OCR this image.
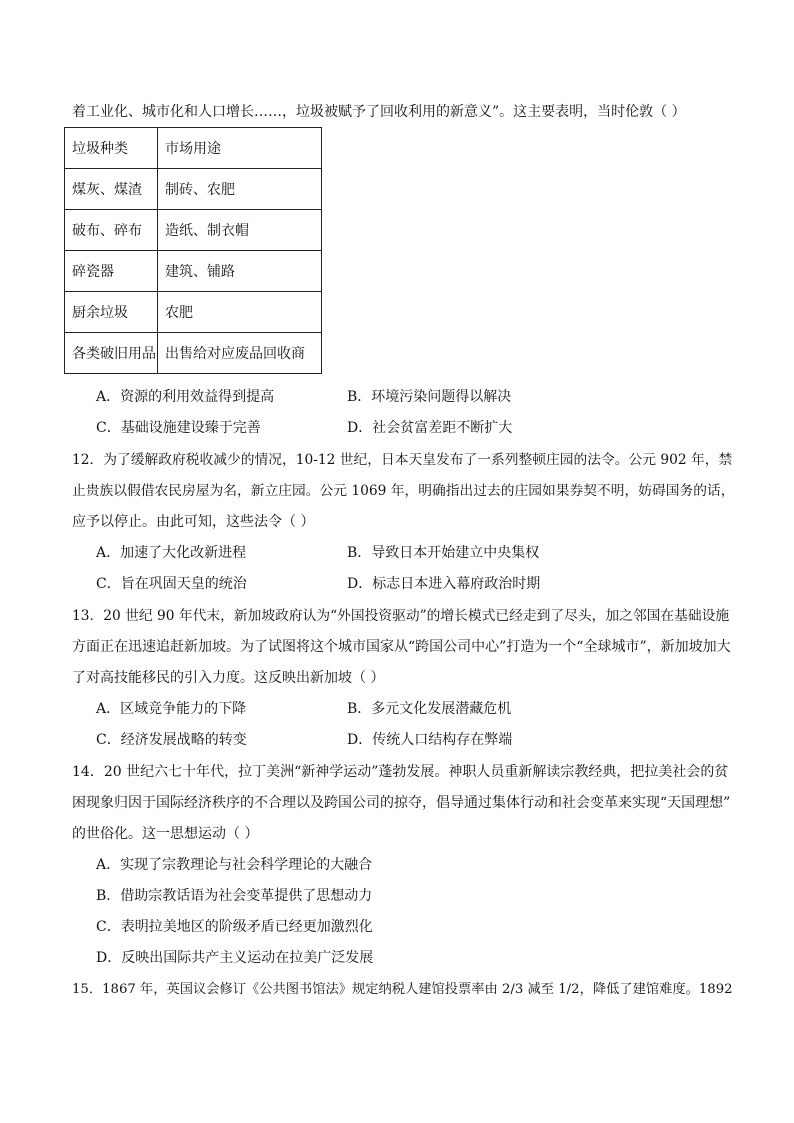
着工业化、城市化和人口增长……，垃圾被赋予了回收利用的新意义”。这主要表明，当时伦敦（ ）
垃圾种类	市场用途
煤灰、煤渣	制砖、农肥
破布、碎布	造纸、制衣帽
碎瓷器	建筑、铺路
厨余垃圾	农肥
各类破旧用品	出售给对应废品回收商
A．资源的利用效益得到提高	B．环境污染问题得以解决
C．基础设施建设臻于完善	D．社会贫富差距不断扩大
12．为了缓解政府税收减少的情况，10-12 世纪，日本天皇发布了一系列整顿庄园的法令。公元 902 年，禁
止贵族以假借农民房屋为名，新立庄园。公元 1069 年，明确指出过去的庄园如果券契不明，妨碍国务的话，
应予以停止。由此可知，这些法令（ ）
A．加速了大化改新进程	B．导致日本开始建立中央集权
C．旨在巩固天皇的统治	D．标志日本进入幕府政治时期
13．20 世纪 90 年代末，新加坡政府认为“外国投资驱动”的增长模式已经走到了尽头，加之邻国在基础设施
方面正在迅速追赶新加坡。为了试图将这个城市国家从“跨国公司中心”打造为一个“全球城市”，新加坡加大
了对高技能移民的引入力度。这反映出新加坡（ ）
A．区域竞争能力的下降	B．多元文化发展潜藏危机
C．经济发展战略的转变	D．传统人口结构存在弊端
14．20 世纪六七十年代，拉丁美洲“新神学运动”蓬勃发展。神职人员重新解读宗教经典，把拉美社会的贫
困现象归因于国际经济秩序的不合理以及跨国公司的掠夺，倡导通过集体行动和社会变革来实现“天国理想”
的世俗化。这一思想运动（ ）
A．实现了宗教理论与社会科学理论的大融合
B．借助宗教话语为社会变革提供了思想动力
C．表明拉美地区的阶级矛盾已经更加激烈化
D．反映出国际共产主义运动在拉美广泛发展
15．1867 年，英国议会修订《公共图书馆法》规定纳税人建馆投票率由 2/3 减至 1/2，降低了建馆难度。1892
